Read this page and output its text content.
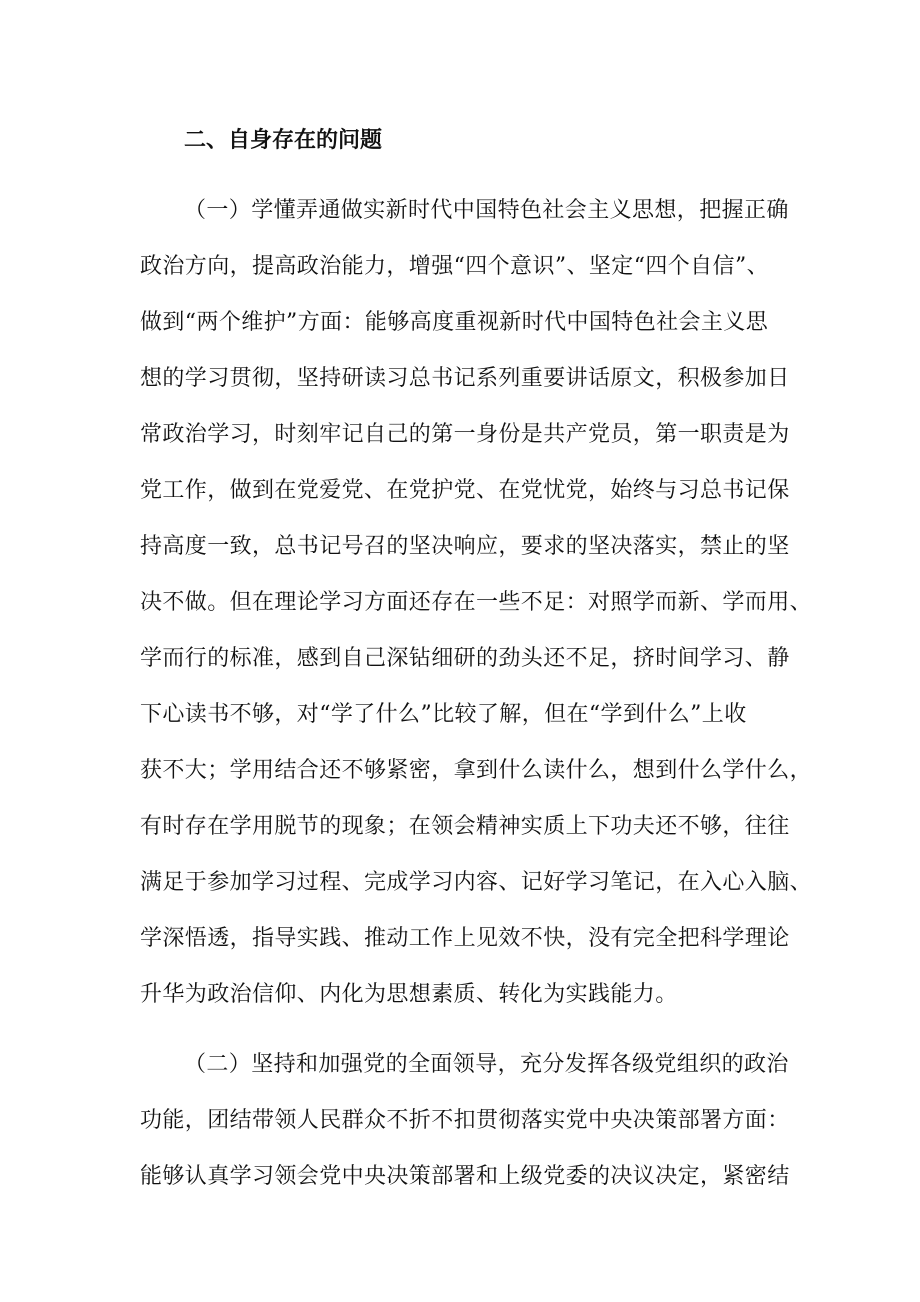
二、自身存在的问题
（一）学懂弄通做实新时代中国特色社会主义思想，把握正确
政治方向，提高政治能力，增强“四个意识”、坚定“四个自信”、
做到“两个维护”方面：能够高度重视新时代中国特色社会主义思
想的学习贯彻，坚持研读习总书记系列重要讲话原文，积极参加日
常政治学习，时刻牢记自己的第一身份是共产党员，第一职责是为
党工作，做到在党爱党、在党护党、在党忧党，始终与习总书记保
持高度一致，总书记号召的坚决响应，要求的坚决落实，禁止的坚
决不做。但在理论学习方面还存在一些不足：对照学而新、学而用、
学而行的标准，感到自己深钻细研的劲头还不足，挤时间学习、静
下心读书不够，对“学了什么”比较了解，但在“学到什么”上收
获不大；学用结合还不够紧密，拿到什么读什么，想到什么学什么，
有时存在学用脱节的现象；在领会精神实质上下功夫还不够，往往
满足于参加学习过程、完成学习内容、记好学习笔记，在入心入脑、
学深悟透，指导实践、推动工作上见效不快，没有完全把科学理论
升华为政治信仰、内化为思想素质、转化为实践能力。
（二）坚持和加强党的全面领导，充分发挥各级党组织的政治
功能，团结带领人民群众不折不扣贯彻落实党中央决策部署方面：
能够认真学习领会党中央决策部署和上级党委的决议决定，紧密结
